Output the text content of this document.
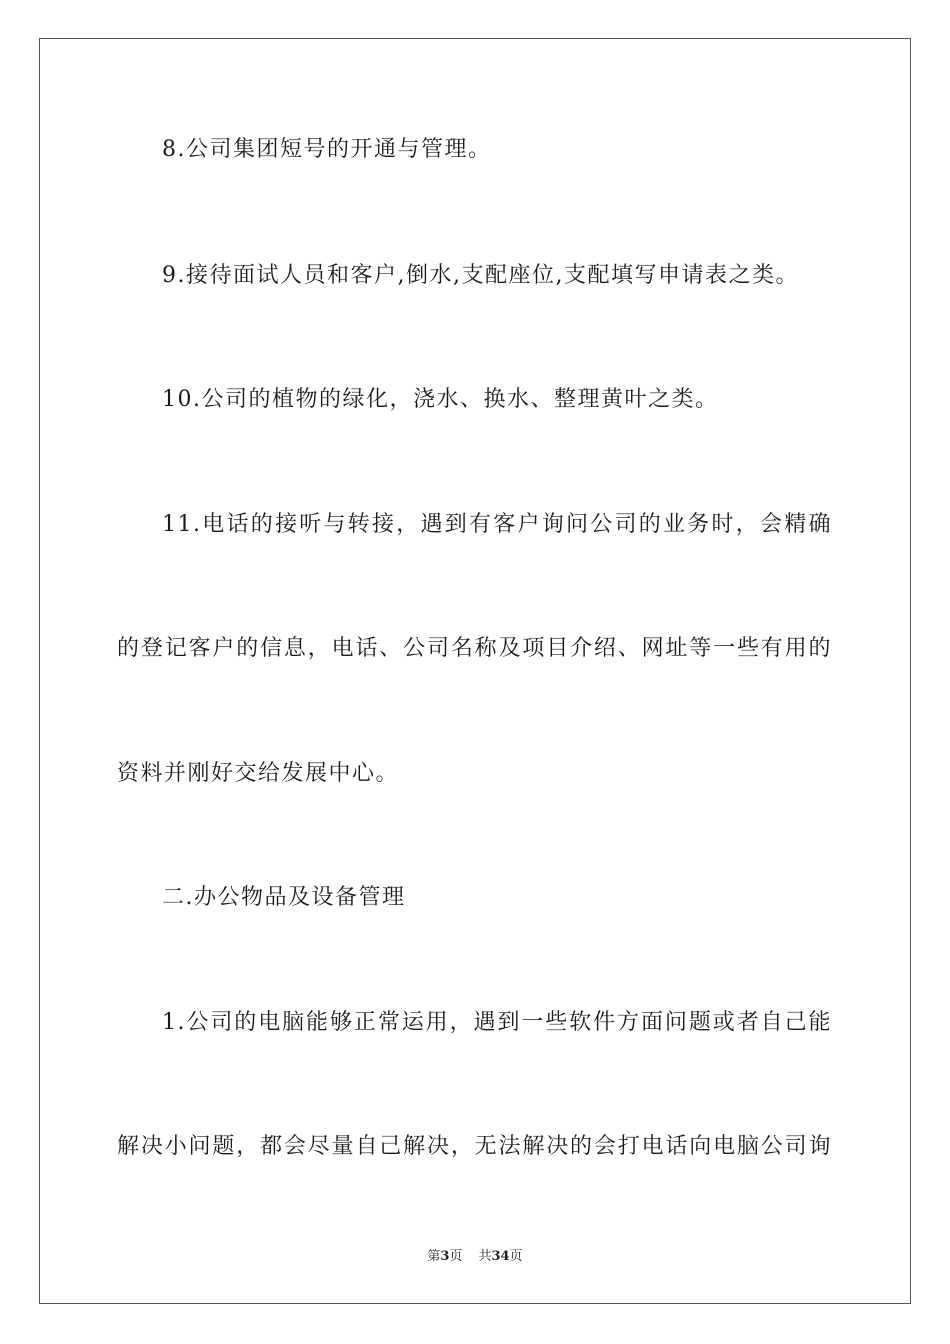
8.公司集团短号的开通与管理。
9.接待面试人员和客户,倒水,支配座位,支配填写申请表之类。
10.公司的植物的绿化，浇水、换水、整理黄叶之类。
11.电话的接听与转接，遇到有客户询问公司的业务时，会精确
的登记客户的信息，电话、公司名称及项目介绍、网址等一些有用的
资料并刚好交给发展中心。
二.办公物品及设备管理
1.公司的电脑能够正常运用，遇到一些软件方面问题或者自己能
解决小问题，都会尽量自己解决，无法解决的会打电话向电脑公司询
第3页 共34页
